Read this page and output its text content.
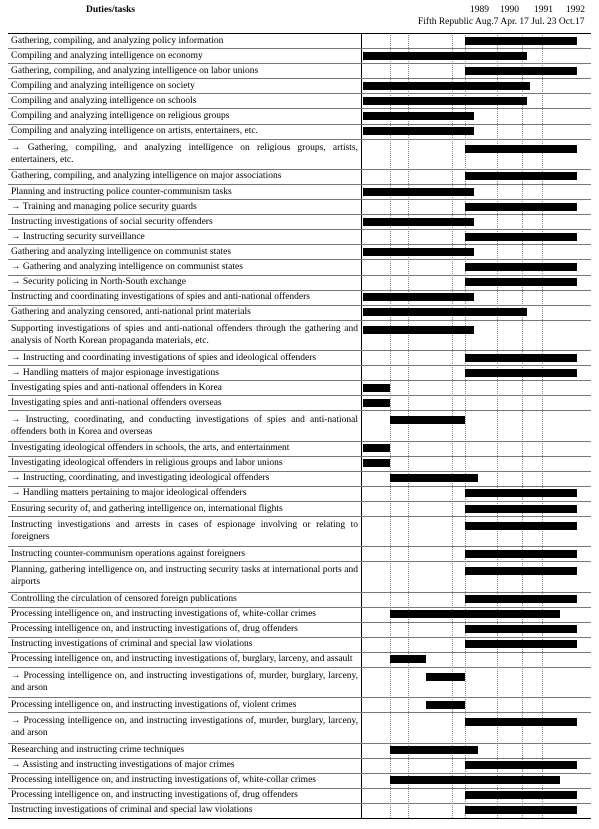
Duties/tasks	1989 1990 1991 1992
Fifth Republic Aug.7 Apr. 17 Jul. 23 Oct.17
Gathering, compiling, and analyzing policy information
Compiling and analyzing intelligence on economy
Gathering, compiling, and analyzing intelligence on labor unions
Compiling and analyzing intelligence on society
Compiling and analyzing intelligence on schools
Compiling and analyzing intelligence on religious groups
Compiling and analyzing intelligence on artists, entertainers, etc.
→ Gathering, compiling, and analyzing intelligence on religious groups, artists, entertainers, etc.
Gathering, compiling, and analyzing intelligence on major associations
Planning and instructing police counter-communism tasks
→ Training and managing police security guards
Instructing investigations of social security offenders
→ Instructing security surveillance
Gathering and analyzing intelligence on communist states
→ Gathering and analyzing intelligence on communist states
→ Security policing in North-South exchange
Instructing and coordinating investigations of spies and anti-national offenders
Gathering and analyzing censored, anti-national print materials
Supporting investigations of spies and anti-national offenders through the gathering and analysis of North Korean propaganda materials, etc.
→ Instructing and coordinating investigations of spies and ideological offenders
→ Handling matters of major espionage investigations
Investigating spies and anti-national offenders in Korea
Investigating spies and anti-national offenders overseas
→ Instructing, coordinating, and conducting investigations of spies and anti-national offenders both in Korea and overseas
Investigating ideological offenders in schools, the arts, and entertainment
Investigating ideological offenders in religious groups and labor unions
→ Instructing, coordinating, and investigating ideological offenders
→ Handling matters pertaining to major ideological offenders
Ensuring security of, and gathering intelligence on, international flights
Instructing investigations and arrests in cases of espionage involving or relating to foreigners
Instructing counter-communism operations against foreigners
Planning, gathering intelligence on, and instructing security tasks at international ports and airports
Controlling the circulation of censored foreign publications
Processing intelligence on, and instructing investigations of, white-collar crimes
Processing intelligence on, and instructing investigations of, drug offenders
Instructing investigations of criminal and special law violations
Processing intelligence on, and instructing investigations of, burglary, larceny, and assault
→ Processing intelligence on, and instructing investigations of, murder, burglary, larceny, and arson
Processing intelligence on, and instructing investigations of, violent crimes
→ Processing intelligence on, and instructing investigations of, murder, burglary, larceny, and arson
Researching and instructing crime techniques
→ Assisting and instructing investigations of major crimes
Processing intelligence on, and instructing investigations of, white-collar crimes
Processing intelligence on, and instructing investigations of, drug offenders
Instructing investigations of criminal and special law violations
